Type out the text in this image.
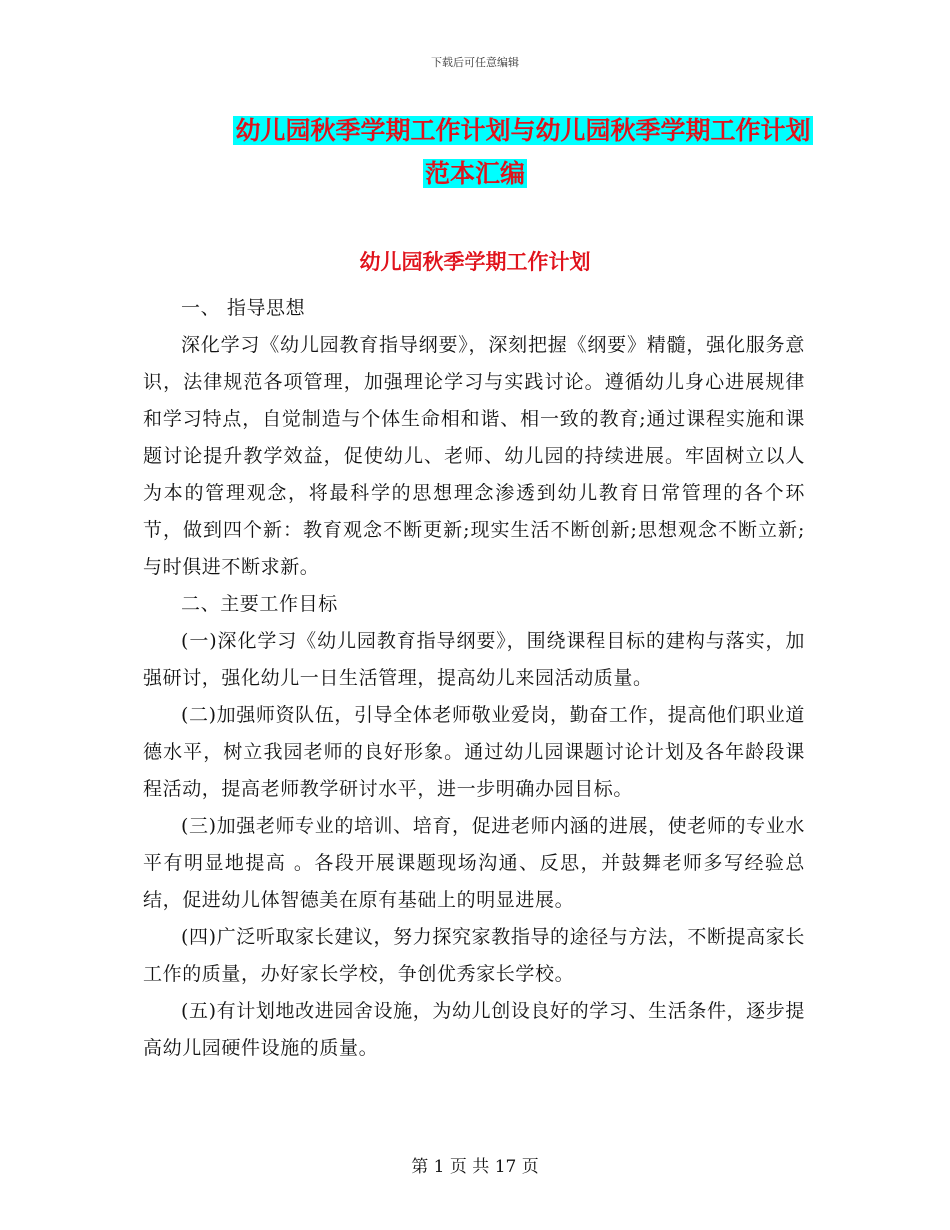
下载后可任意编辑
幼儿园秋季学期工作计划与幼儿园秋季学期工作计划
范本汇编
幼儿园秋季学期工作计划

一、 指导思想

深化学习《幼儿园教育指导纲要》，深刻把握《纲要》精髓，强化服务意识，法律规范各项管理，加强理论学习与实践讨论。遵循幼儿身心进展规律和学习特点，自觉制造与个体生命相和谐、相一致的教育;通过课程实施和课题讨论提升教学效益，促使幼儿、老师、幼儿园的持续进展。牢固树立以人为本的管理观念，将最科学的思想理念渗透到幼儿教育日常管理的各个环节，做到四个新：教育观念不断更新;现实生活不断创新;思想观念不断立新;与时俱进不断求新。

二、主要工作目标

(一)深化学习《幼儿园教育指导纲要》，围绕课程目标的建构与落实，加强研讨，强化幼儿一日生活管理，提高幼儿来园活动质量。

(二)加强师资队伍，引导全体老师敬业爱岗，勤奋工作，提高他们职业道德水平，树立我园老师的良好形象。通过幼儿园课题讨论计划及各年龄段课程活动，提高老师教学研讨水平，进一步明确办园目标。

(三)加强老师专业的培训、培育，促进老师内涵的进展，使老师的专业水平有明显地提高 。各段开展课题现场沟通、反思，并鼓舞老师多写经验总结，促进幼儿体智德美在原有基础上的明显进展。

(四)广泛听取家长建议，努力探究家教指导的途径与方法，不断提高家长工作的质量，办好家长学校，争创优秀家长学校。

(五)有计划地改进园舍设施，为幼儿创设良好的学习、生活条件，逐步提高幼儿园硬件设施的质量。

第 1 页 共 17 页
